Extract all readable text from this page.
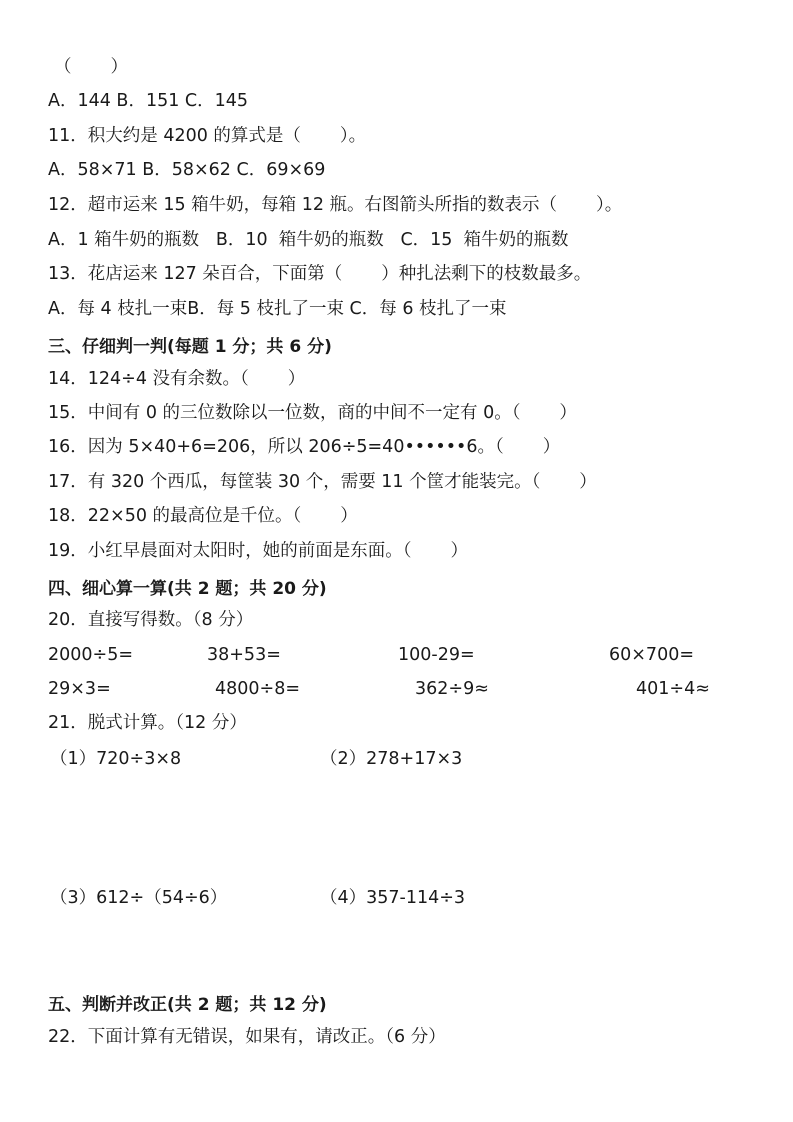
（       ）
A．144 B．151 C．145
11．积大约是 4200 的算式是（       ）。
A．58×71 B．58×62 C．69×69
12．超市运来 15 箱牛奶，每箱 12 瓶。右图箭头所指的数表示（       ）。
A．1 箱牛奶的瓶数   B．10  箱牛奶的瓶数   C．15  箱牛奶的瓶数
13．花店运来 127 朵百合，下面第（       ）种扎法剩下的枝数最多。
A．每 4 枝扎一束B．每 5 枝扎了一束 C．每 6 枝扎了一束
三、仔细判一判(每题 1 分；共 6 分)
14．124÷4 没有余数。（       ）
15．中间有 0 的三位数除以一位数，商的中间不一定有 0。（       ）
16．因为 5×40+6=206，所以 206÷5=40••••••6。（       ）
17．有 320 个西瓜，每筐装 30 个，需要 11 个筐才能装完。（       ）
18．22×50 的最高位是千位。（       ）
19．小红早晨面对太阳时，她的前面是东面。（       ）
四、细心算一算(共 2 题；共 20 分)
20．直接写得数。（8 分）
2000÷5=	38+53=	100-29=	60×700=
29×3=	4800÷8=	362÷9≈	401÷4≈
21．脱式计算。（12 分）
（1）720÷3×8	（2）278+17×3
（3）612÷（54÷6）	（4）357-114÷3
五、判断并改正(共 2 题；共 12 分)
22．下面计算有无错误，如果有，请改正。（6 分）
